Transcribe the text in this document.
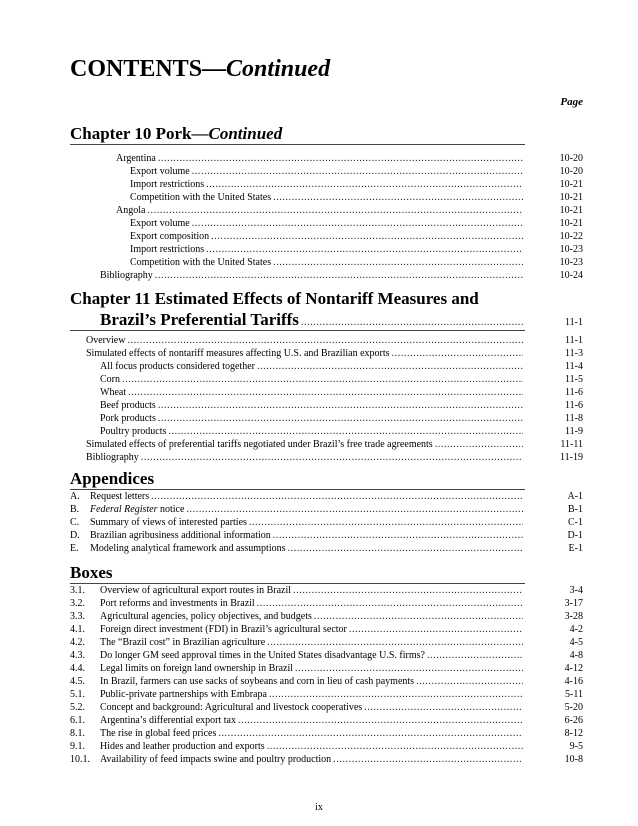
CONTENTS—Continued
Page
Chapter 10 Pork—Continued
Argentina .....	10-20
Export volume .....	10-20
Import restrictions .....	10-21
Competition with the United States .....	10-21
Angola .....	10-21
Export volume .....	10-21
Export composition .....	10-22
Import restrictions .....	10-23
Competition with the United States .....	10-23
Bibliography .....	10-24
Chapter 11 Estimated Effects of Nontariff Measures and
Brazil’s Preferential Tariffs .....	11-1
Overview .....	11-1
Simulated effects of nontariff measures affecting U.S. and Brazilian exports .....	11-3
All focus products considered together .....	11-4
Corn .....	11-5
Wheat .....	11-6
Beef products .....	11-6
Pork products .....	11-8
Poultry products .....	11-9
Simulated effects of preferential tariffs negotiated under Brazil’s free trade agreements .....	11-11
Bibliography .....	11-19
Appendices
A.	Request letters .....	A-1
B.	Federal Register notice .....	B-1
C.	Summary of views of interested parties .....	C-1
D.	Brazilian agribusiness additional information .....	D-1
E.	Modeling analytical framework and assumptions .....	E-1
Boxes
3.1.	Overview of agricultural export routes in Brazil .....	3-4
3.2.	Port reforms and investments in Brazil .....	3-17
3.3.	Agricultural agencies, policy objectives, and budgets .....	3-28
4.1.	Foreign direct investment (FDI) in Brazil’s agricultural sector .....	4-2
4.2.	The “Brazil cost” in Brazilian agriculture .....	4-5
4.3.	Do longer GM seed approval times in the United States disadvantage U.S. firms? .....	4-8
4.4.	Legal limits on foreign land ownership in Brazil .....	4-12
4.5.	In Brazil, farmers can use sacks of soybeans and corn in lieu of cash payments .....	4-16
5.1.	Public-private partnerships with Embrapa .....	5-11
5.2.	Concept and background: Agricultural and livestock cooperatives .....	5-20
6.1.	Argentina’s differential export tax .....	6-26
8.1.	The rise in global feed prices .....	8-12
9.1.	Hides and leather production and exports .....	9-5
10.1.	Availability of feed impacts swine and poultry production .....	10-8
ix
